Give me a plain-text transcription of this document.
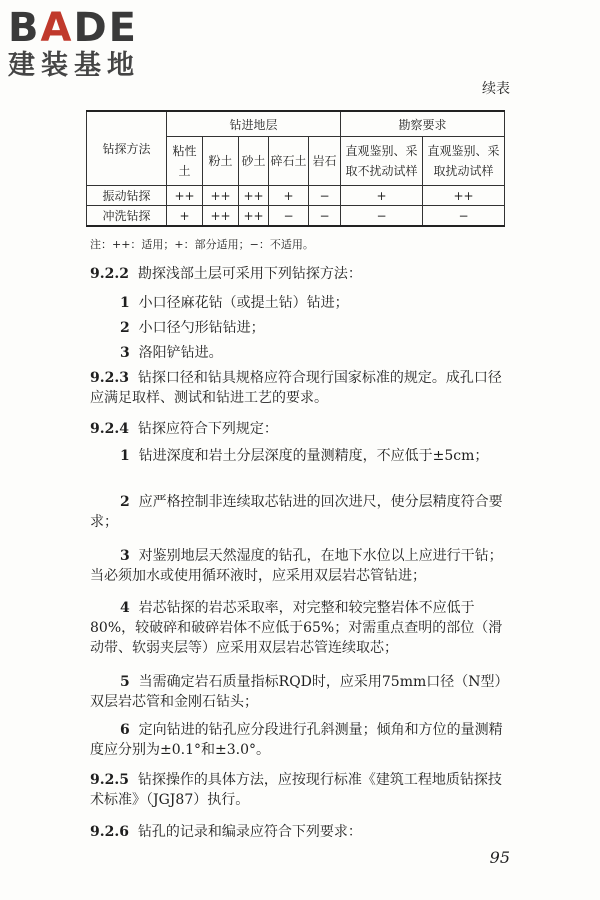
BADE
建装基地
续表
钻探方法	钻进地层					勘察要求	
	粘性土	粉土	砂土	碎石土	岩石	直观鉴别、采取不扰动试样	直观鉴别、采取扰动试样
振动钻探	++	++	++	+	−	+	++
冲洗钻探	+	++	++	−	−	−	−
注：++：适用；+：部分适用；−：不适用。
9.2.2 勘探浅部土层可采用下列钻探方法：
1 小口径麻花钻（或提土钻）钻进；
2 小口径勺形钻钻进；
3 洛阳铲钻进。
9.2.3 钻探口径和钻具规格应符合现行国家标准的规定。成孔口径应满足取样、测试和钻进工艺的要求。
9.2.4 钻探应符合下列规定：
1 钻进深度和岩土分层深度的量测精度，不应低于±5cm；
2 应严格控制非连续取芯钻进的回次进尺，使分层精度符合要求；
3 对鉴别地层天然湿度的钻孔，在地下水位以上应进行干钻；当必须加水或使用循环液时，应采用双层岩芯管钻进；
4 岩芯钻探的岩芯采取率，对完整和较完整岩体不应低于80%，较破碎和破碎岩体不应低于65%；对需重点查明的部位（滑动带、软弱夹层等）应采用双层岩芯管连续取芯；
5 当需确定岩石质量指标RQD时，应采用75mm口径（N型）双层岩芯管和金刚石钻头；
6 定向钻进的钻孔应分段进行孔斜测量；倾角和方位的量测精度应分别为±0.1°和±3.0°。
9.2.5 钻探操作的具体方法，应按现行标准《建筑工程地质钻探技术标准》（JGJ87）执行。
9.2.6 钻孔的记录和编录应符合下列要求：
95
